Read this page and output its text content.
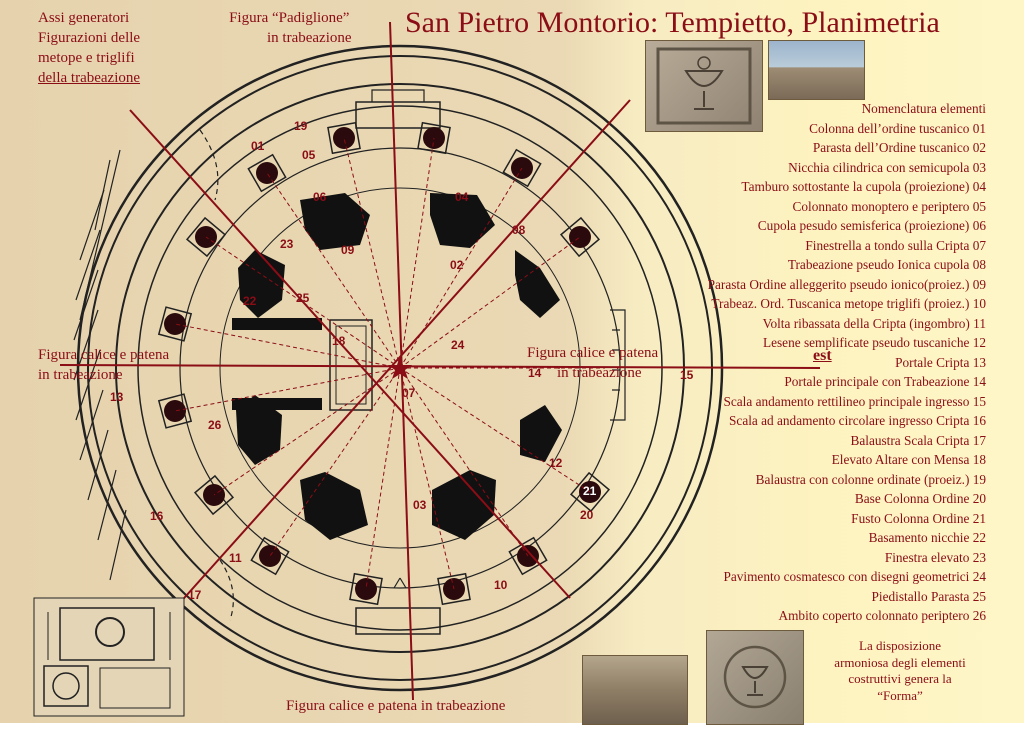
01
19
05
06	04
08
23	09
02
22	25
18	24
14	15
13	07
26
12
21
20
16
03
11
10
17
San Pietro Montorio: Tempietto, Planimetria
Assi generatori
Figurazioni delle
metope e triglifi
della trabeazione
Figura “Padiglione”
in trabeazione
Figura calice e patena
in trabeazione
Figura calice e patena
in trabeazione
Figura calice e patena in trabeazione
est
Nomenclatura elementi
Colonna dell’ordine tuscanico 01
Parasta dell’Ordine tuscanico 02
Nicchia cilindrica con semicupola 03
Tamburo sottostante la cupola (proiezione) 04
Colonnato monoptero e periptero 05
Cupola pesudo semisferica (proiezione) 06
Finestrella a tondo sulla Cripta 07
Trabeazione pseudo Ionica cupola 08
Parasta Ordine alleggerito pseudo ionico(proiez.) 09
Trabeaz. Ord. Tuscanica metope triglifi (proiez.) 10
Volta ribassata della Cripta (ingombro) 11
Lesene semplificate pseudo tuscaniche 12
Portale Cripta 13
Portale principale con Trabeazione 14
Scala andamento rettilineo principale ingresso 15
Scala ad andamento circolare ingresso Cripta 16
Balaustra Scala Cripta 17
Elevato Altare con Mensa 18
Balaustra con colonne ordinate (proeiz.) 19
Base Colonna Ordine 20
Fusto Colonna Ordine 21
Basamento nicchie 22
Finestra elevato 23
Pavimento cosmatesco con disegni geometrici 24
Piedistallo Parasta 25
Ambito coperto colonnato periptero 26
La disposizione
armoniosa degli elementi
costruttivi genera la
“Forma”
